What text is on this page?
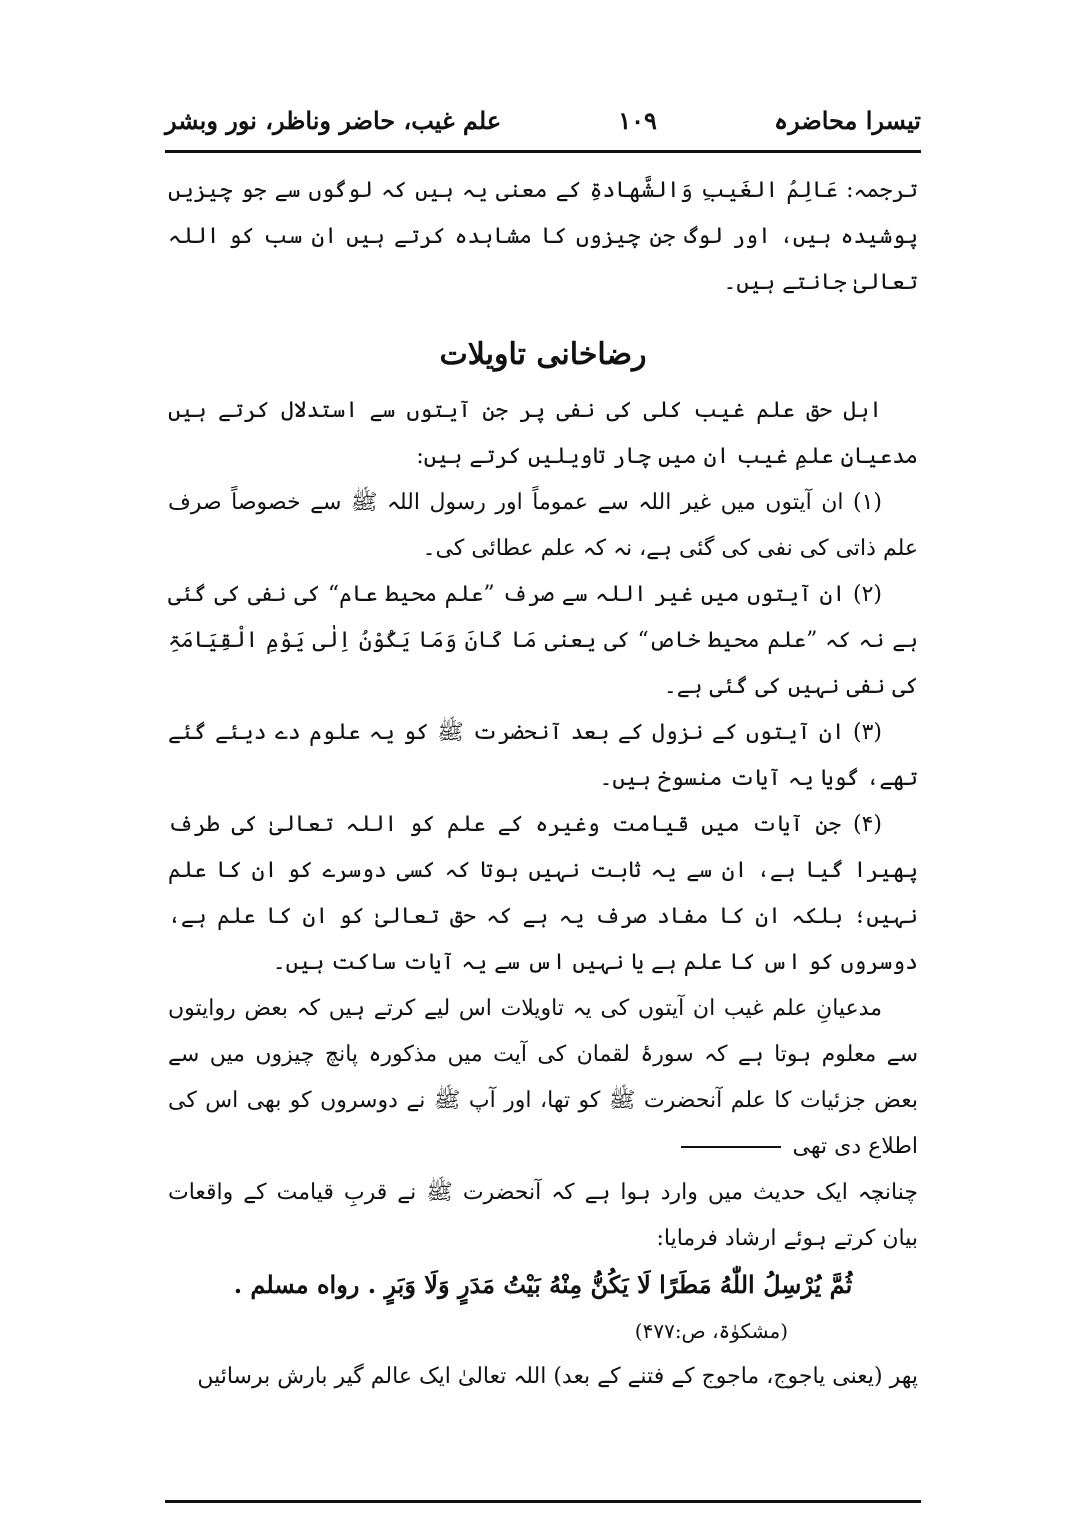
تیسرا محاضرہ
۱۰۹
علم غیب، حاضر وناظر، نور وبشر

ترجمہ: عَالِمُ الغَیبِ وَالشَّهادةِ کے معنی یہ ہیں کہ لوگوں سے جو چیزیں پوشیدہ ہیں، اور لوگ جن چیزوں کا مشاہدہ کرتے ہیں ان سب کو اللہ تعالیٰ جانتے ہیں۔

رضاخانی تاویلات

اہل حق علم غیب کلی کی نفی پر جن آیتوں سے استدلال کرتے ہیں مدعیانِ علمِ غیب ان میں چار تاویلیں کرتے ہیں:

(۱) ان آیتوں میں غیر اللہ سے عموماً اور رسول اللہ ﷺ سے خصوصاً صرف علم ذاتی کی نفی کی گئی ہے، نہ کہ علم عطائی کی۔

(۲) ان آیتوں میں غیر اللہ سے صرف ”علم محیط عام“ کی نفی کی گئی ہے نہ کہ ”علم محیط خاص“ کی یعنی مَا کَانَ وَمَا یَکُوْنُ اِلٰی یَوْمِ الْقِیَامَۃِ کی نفی نہیں کی گئی ہے۔

(۳) ان آیتوں کے نزول کے بعد آنحضرت ﷺ کو یہ علوم دے دیئے گئے تھے، گویا یہ آیات منسوخ ہیں۔

(۴) جن آیات میں قیامت وغیرہ کے علم کو اللہ تعالیٰ کی طرف پھیرا گیا ہے، ان سے یہ ثابت نہیں ہوتا کہ کسی دوسرے کو ان کا علم نہیں؛ بلکہ ان کا مفاد صرف یہ ہے کہ حق تعالیٰ کو ان کا علم ہے، دوسروں کو اس کا علم ہے یا نہیں اس سے یہ آیات ساکت ہیں۔

مدعیانِ علم غیب ان آیتوں کی یہ تاویلات اس لیے کرتے ہیں کہ بعض روایتوں سے معلوم ہوتا ہے کہ سورۂ لقمان کی آیت میں مذکورہ پانچ چیزوں میں سے بعض جزئیات کا علم آنحضرت ﷺ کو تھا، اور آپ ﷺ نے دوسروں کو بھی اس کی اطلاع دی تھی

چنانچہ ایک حدیث میں وارد ہوا ہے کہ آنحضرت ﷺ نے قربِ قیامت کے واقعات بیان کرتے ہوئے ارشاد فرمایا:

ثُمَّ یُرْسِلُ اللّٰهُ مَطَرًا لَا یَکُنُّ مِنْهُ بَیْتُ مَدَرٍ وَلَا وَبَرٍ . رواه مسلم .

(مشکوٰۃ، ص:۴۷۷)

پھر (یعنی یاجوج، ماجوج کے فتنے کے بعد) اللہ تعالیٰ ایک عالم گیر بارش برسائیں
